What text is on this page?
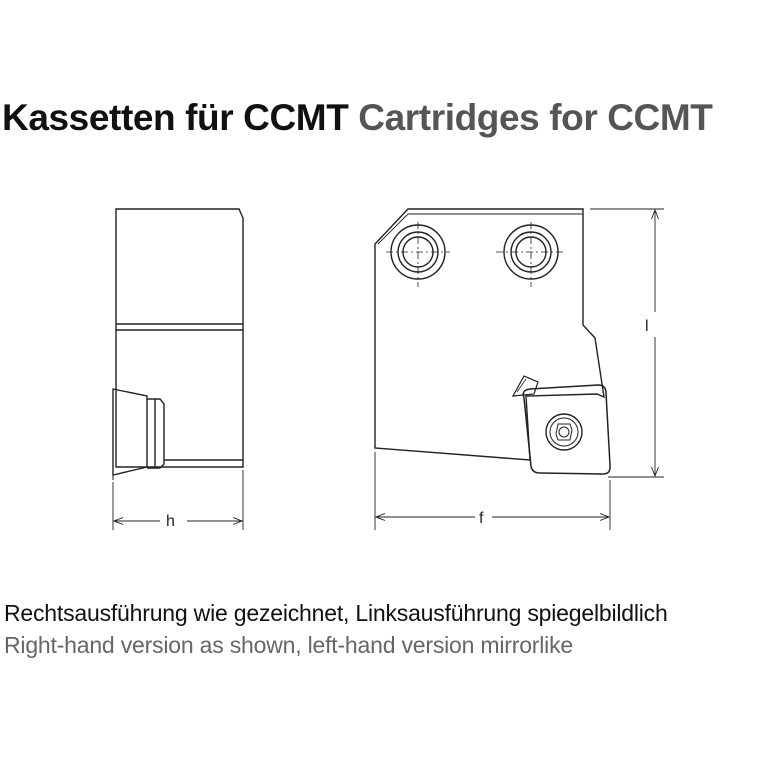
Kassetten für CCMT Cartridges for CCMT
h
l
f
Rechtsausführung wie gezeichnet, Linksausführung spiegelbildlich
Right-hand version as shown, left-hand version mirrorlike
